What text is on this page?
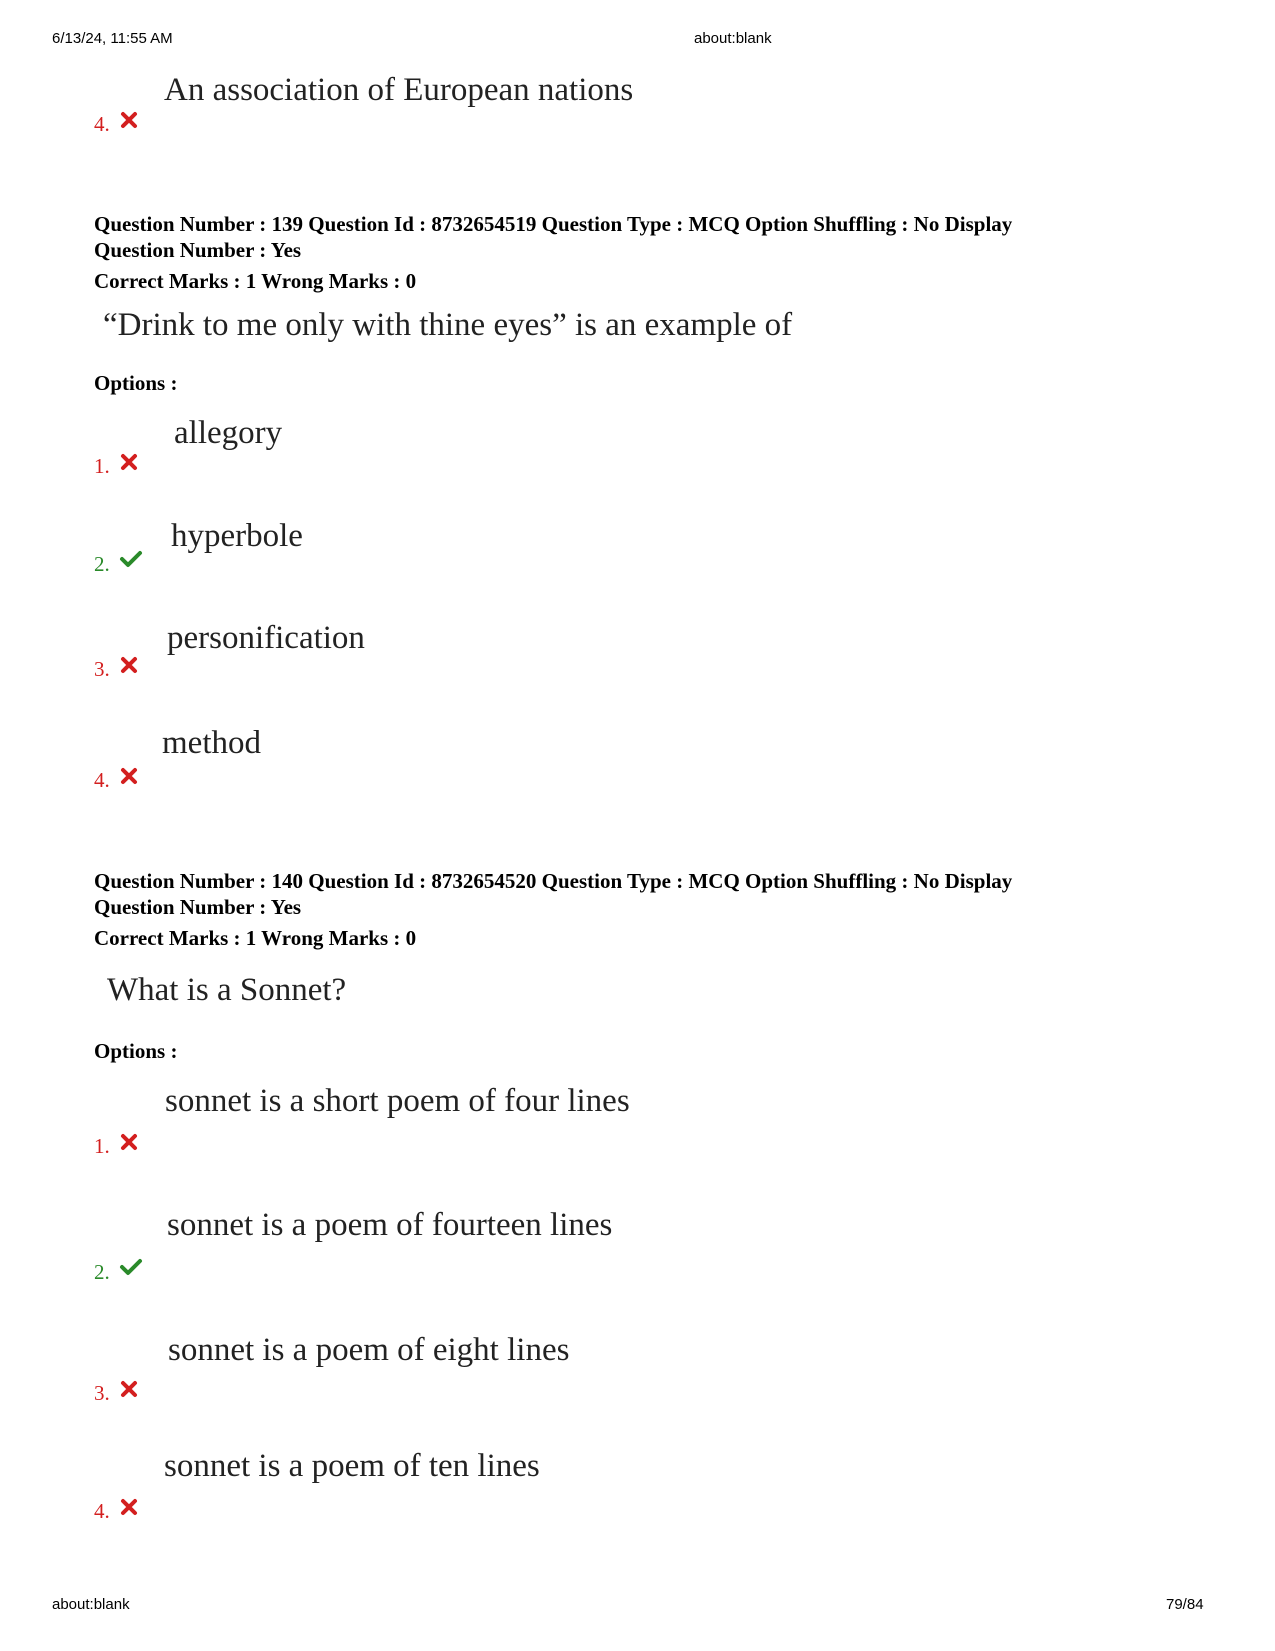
6/13/24, 11:55 AM	about:blank
An association of European nations
4.
Question Number : 139 Question Id : 8732654519 Question Type : MCQ Option Shuffling : No Display
Question Number : Yes
Correct Marks : 1 Wrong Marks : 0
“Drink to me only with thine eyes” is an example of
Options :
allegory
1.
hyperbole
2.
personification
3.
method
4.
Question Number : 140 Question Id : 8732654520 Question Type : MCQ Option Shuffling : No Display
Question Number : Yes
Correct Marks : 1 Wrong Marks : 0
What is a Sonnet?
Options :
sonnet is a short poem of four lines
1.
sonnet is a poem of fourteen lines
2.
sonnet is a poem of eight lines
3.
sonnet is a poem of ten lines
4.
about:blank	79/84
